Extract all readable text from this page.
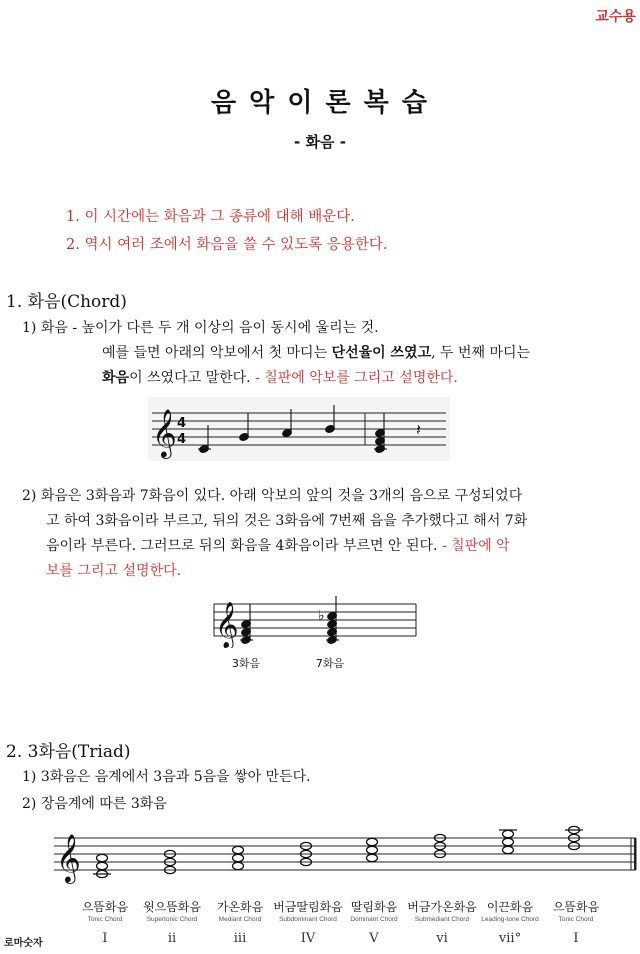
교수용
음 악 이 론 복 습
- 화음 -
1. 이 시간에는 화음과 그 종류에 대해 배운다.
2. 역시 여러 조에서 화음을 쓸 수 있도록 응용한다.
1. 화음(Chord)
1) 화음 - 높이가 다른 두 개 이상의 음이 동시에 울리는 것.
예를 들면 아래의 악보에서 첫 마디는 단선율이 쓰였고, 두 번째 마디는
화음이 쓰였다고 말한다. - 칠판에 악보를 그리고 설명한다.
𝄞 4
4
𝄽
2) 화음은 3화음과 7화음이 있다. 아래 악보의 앞의 것을 3개의 음으로 구성되었다
고 하여 3화음이라 부르고, 뒤의 것은 3화음에 7번째 음을 추가했다고 해서 7화
음이라 부른다. 그러므로 뒤의 화음을 4화음이라 부르면 안 된다. - 칠판에 악
보를 그리고 설명한다.
𝄞	♭
3화음	7화음
2. 3화음(Triad)
1) 3화음은 음계에서 3음과 5음을 쌓아 만든다.
2) 장음계에 따른 3화음
𝄞
로마숫자
으뜸화음
Tonic Chord
I
윗으뜸화음
Supertonic Chord
ii
가온화음
Mediant Chord
iii
버금딸림화음
Subdominant Chord
IV
딸림화음
Dominant Chord
V
버금가온화음
Submediant Chord
vi
이끈화음
Leading-tone Chord
vii°
으뜸화음
Tonic Chord
I
